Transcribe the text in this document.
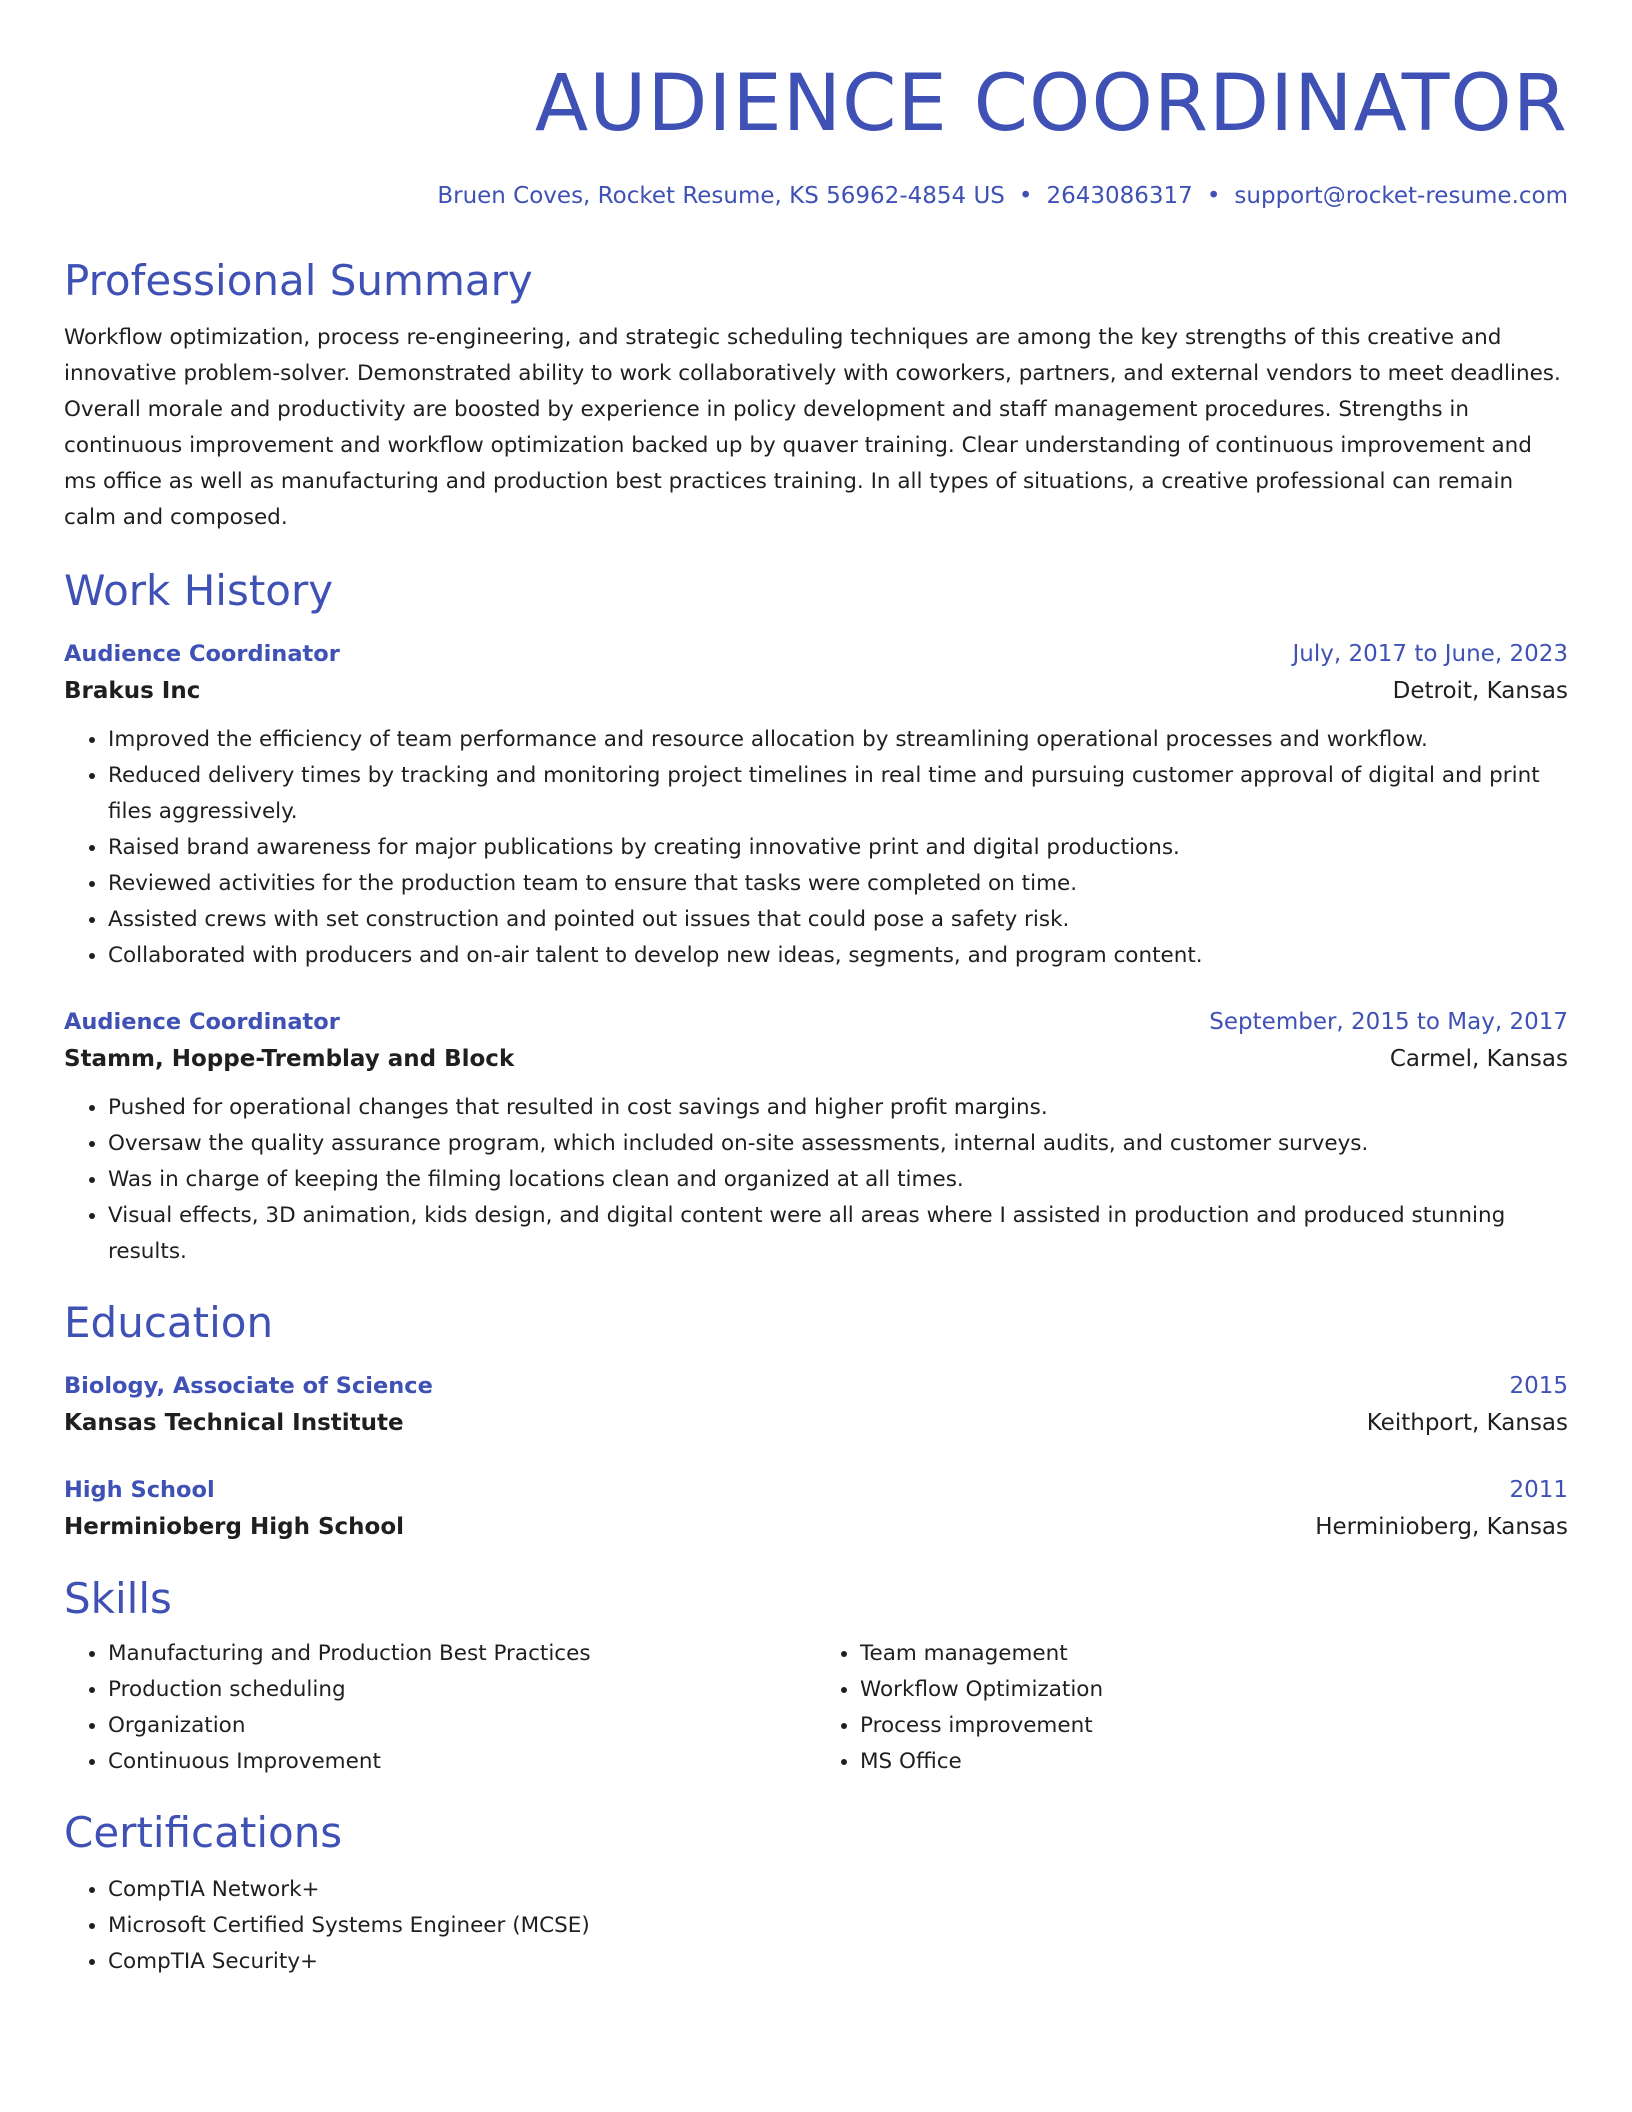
AUDIENCE COORDINATOR
Bruen Coves, Rocket Resume, KS 56962-4854 US • 2643086317 • support@rocket-resume.com
Professional Summary
Workflow optimization, process re-engineering, and strategic scheduling techniques are among the key strengths of this creative and innovative problem-solver. Demonstrated ability to work collaboratively with coworkers, partners, and external vendors to meet deadlines. Overall morale and productivity are boosted by experience in policy development and staff management procedures. Strengths in continuous improvement and workflow optimization backed up by quaver training. Clear understanding of continuous improvement and ms office as well as manufacturing and production best practices training. In all types of situations, a creative professional can remain calm and composed.
Work History
Audience Coordinator	July, 2017 to June, 2023
Brakus Inc	Detroit, Kansas
• Improved the efficiency of team performance and resource allocation by streamlining operational processes and workflow.
• Reduced delivery times by tracking and monitoring project timelines in real time and pursuing customer approval of digital and print files aggressively.
• Raised brand awareness for major publications by creating innovative print and digital productions.
• Reviewed activities for the production team to ensure that tasks were completed on time.
• Assisted crews with set construction and pointed out issues that could pose a safety risk.
• Collaborated with producers and on-air talent to develop new ideas, segments, and program content.
Audience Coordinator	September, 2015 to May, 2017
Stamm, Hoppe-Tremblay and Block	Carmel, Kansas
• Pushed for operational changes that resulted in cost savings and higher profit margins.
• Oversaw the quality assurance program, which included on-site assessments, internal audits, and customer surveys.
• Was in charge of keeping the filming locations clean and organized at all times.
• Visual effects, 3D animation, kids design, and digital content were all areas where I assisted in production and produced stunning results.
Education
Biology, Associate of Science	2015
Kansas Technical Institute	Keithport, Kansas
High School	2011
Herminioberg High School	Herminioberg, Kansas
Skills
• Manufacturing and Production Best Practices
• Production scheduling
• Organization
• Continuous Improvement
• Team management
• Workflow Optimization
• Process improvement
• MS Office
Certifications
• CompTIA Network+
• Microsoft Certified Systems Engineer (MCSE)
• CompTIA Security+
